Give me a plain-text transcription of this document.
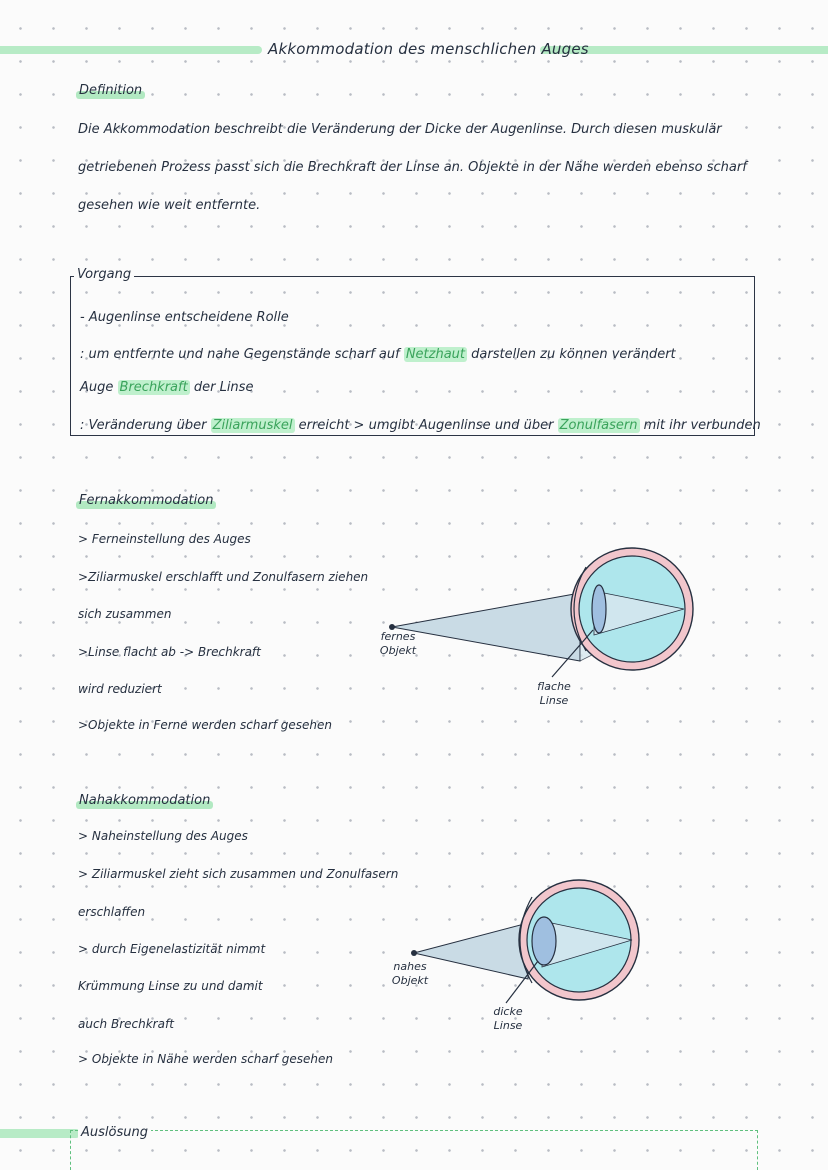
Akkommodation des menschlichen Auges
Definition
Die Akkommodation beschreibt die Veränderung der Dicke der Augenlinse. Durch diesen muskulär
getriebenen Prozess passt sich die Brechkraft der Linse an. Objekte in der Nähe werden ebenso scharf
gesehen wie weit entfernte.
Vorgang
- Augenlinse entscheidene Rolle
: um entfernte und nahe Gegenstände scharf auf Netzhaut darstellen zu können verändert
Auge Brechkraft der Linse
: Veränderung über Ziliarmuskel erreicht > umgibt Augenlinse und über Zonulfasern mit ihr verbunden
Fernakkommodation
> Ferneinstellung des Auges
>Ziliarmuskel erschlafft und Zonulfasern ziehen
sich zusammen
>Linse flacht ab -> Brechkraft
wird reduziert
>Objekte in Ferne werden scharf gesehen
fernes
Objekt
flache
Linse
Nahakkommodation
> Naheinstellung des Auges
> Ziliarmuskel zieht sich zusammen und Zonulfasern
erschlaffen
> durch Eigenelastizität nimmt
Krümmung Linse zu und damit
auch Brechkraft
> Objekte in Nähe werden scharf gesehen
nahes
Objekt
dicke
Linse
Auslösung
